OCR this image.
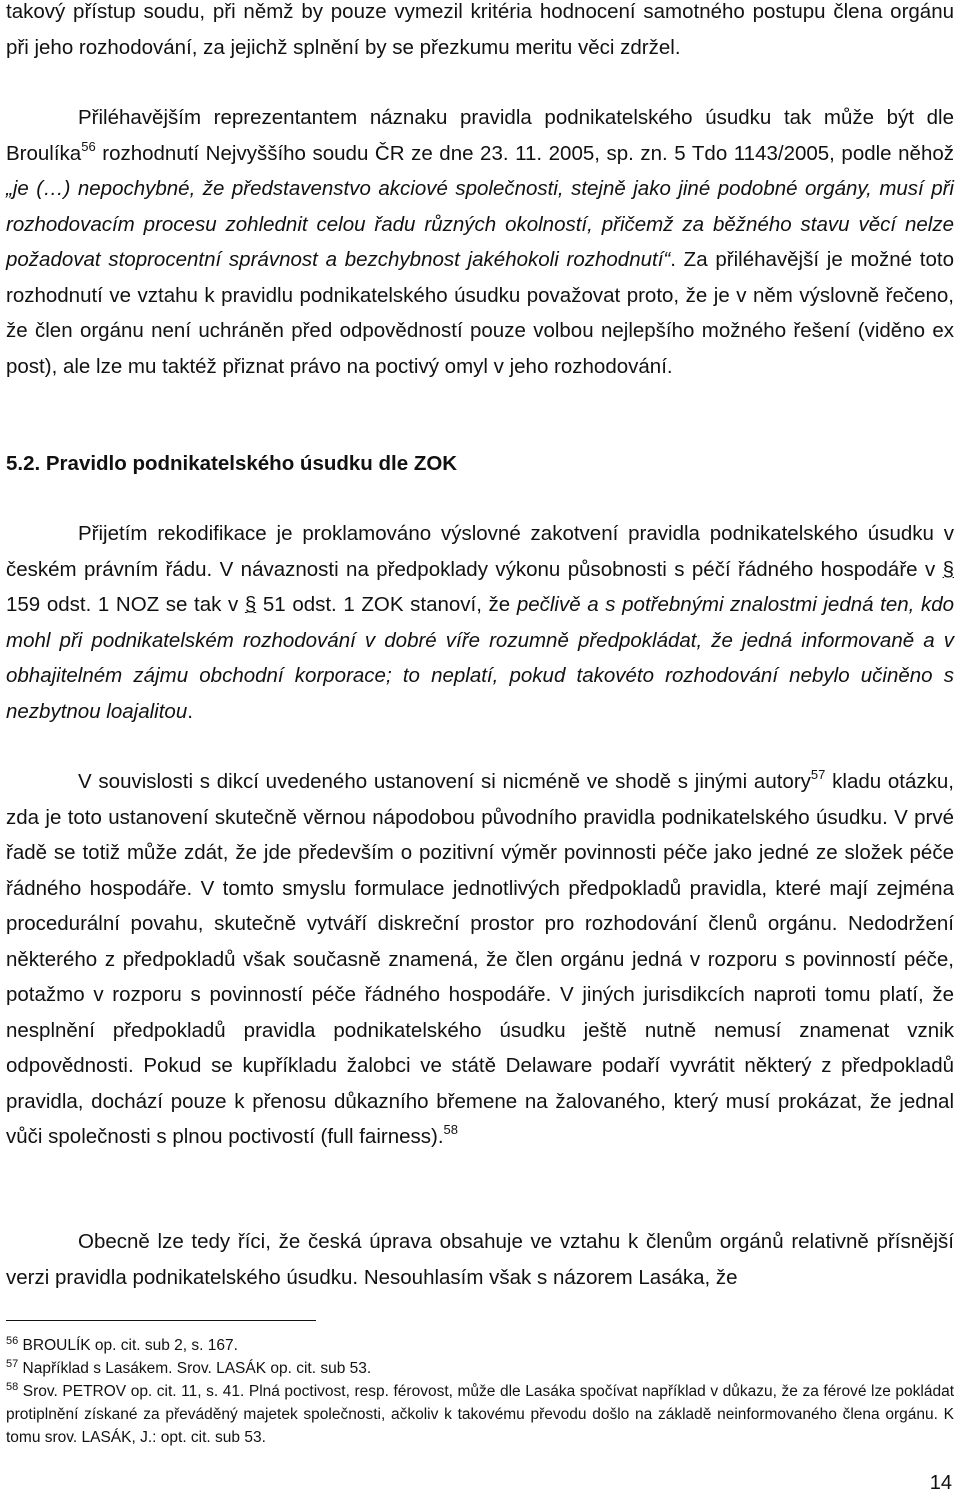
takový přístup soudu, při němž by pouze vymezil kritéria hodnocení samotného postupu člena orgánu při jeho rozhodování, za jejichž splnění by se přezkumu meritu věci zdržel.

Přiléhavějším reprezentantem náznaku pravidla podnikatelského úsudku tak může být dle Broulíka$^{56}$ rozhodnutí Nejvyššího soudu ČR ze dne 23. 11. 2005, sp. zn. 5 Tdo 1143/2005, podle něhož „je (…) nepochybné, že představenstvo akciové společnosti, stejně jako jiné podobné orgány, musí při rozhodovacím procesu zohlednit celou řadu různých okolností, přičemž za běžného stavu věcí nelze požadovat stoprocentní správnost a bezchybnost jakéhokoli rozhodnutí“. Za přiléhavější je možné toto rozhodnutí ve vztahu k pravidlu podnikatelského úsudku považovat proto, že je v něm výslovně řečeno, že člen orgánu není uchráněn před odpovědností pouze volbou nejlepšího možného řešení (viděno ex post), ale lze mu taktéž přiznat právo na poctivý omyl v jeho rozhodování.

5.2. Pravidlo podnikatelského úsudku dle ZOK

Přijetím rekodifikace je proklamováno výslovné zakotvení pravidla podnikatelského úsudku v českém právním řádu. V návaznosti na předpoklady výkonu působnosti s péčí řádného hospodáře v § 159 odst. 1 NOZ se tak v § 51 odst. 1 ZOK stanoví, že pečlivě a s potřebnými znalostmi jedná ten, kdo mohl při podnikatelském rozhodování v dobré víře rozumně předpokládat, že jedná informovaně a v obhajitelném zájmu obchodní korporace; to neplatí, pokud takovéto rozhodování nebylo učiněno s nezbytnou loajalitou.

V souvislosti s dikcí uvedeného ustanovení si nicméně ve shodě s jinými autory$^{57}$ kladu otázku, zda je toto ustanovení skutečně věrnou nápodobou původního pravidla podnikatelského úsudku. V prvé řadě se totiž může zdát, že jde především o pozitivní výměr povinnosti péče jako jedné ze složek péče řádného hospodáře. V tomto smyslu formulace jednotlivých předpokladů pravidla, které mají zejména procedurální povahu, skutečně vytváří diskreční prostor pro rozhodování členů orgánu. Nedodržení některého z předpokladů však současně znamená, že člen orgánu jedná v rozporu s povinností péče, potažmo v rozporu s povinností péče řádného hospodáře. V jiných jurisdikcích naproti tomu platí, že nesplnění předpokladů pravidla podnikatelského úsudku ještě nutně nemusí znamenat vznik odpovědnosti. Pokud se kupříkladu žalobci ve státě Delaware podaří vyvrátit některý z předpokladů pravidla, dochází pouze k přenosu důkazního břemene na žalovaného, který musí prokázat, že jednal vůči společnosti s plnou poctivostí (full fairness).$^{58}$

Obecně lze tedy říci, že česká úprava obsahuje ve vztahu k členům orgánů relativně přísnější verzi pravidla podnikatelského úsudku. Nesouhlasím však s názorem Lasáka, že

$^{56}$ BROULÍK op. cit. sub 2, s. 167.

$^{57}$ Například s Lasákem. Srov. LASÁK op. cit. sub 53.

$^{58}$ Srov. PETROV op. cit. 11, s. 41. Plná poctivost, resp. férovost, může dle Lasáka spočívat například v důkazu, že za férové lze pokládat protiplnění získané za převáděný majetek společnosti, ačkoliv k takovému převodu došlo na základě neinformovaného člena orgánu. K tomu srov. LASÁK, J.: opt. cit. sub 53.

14
